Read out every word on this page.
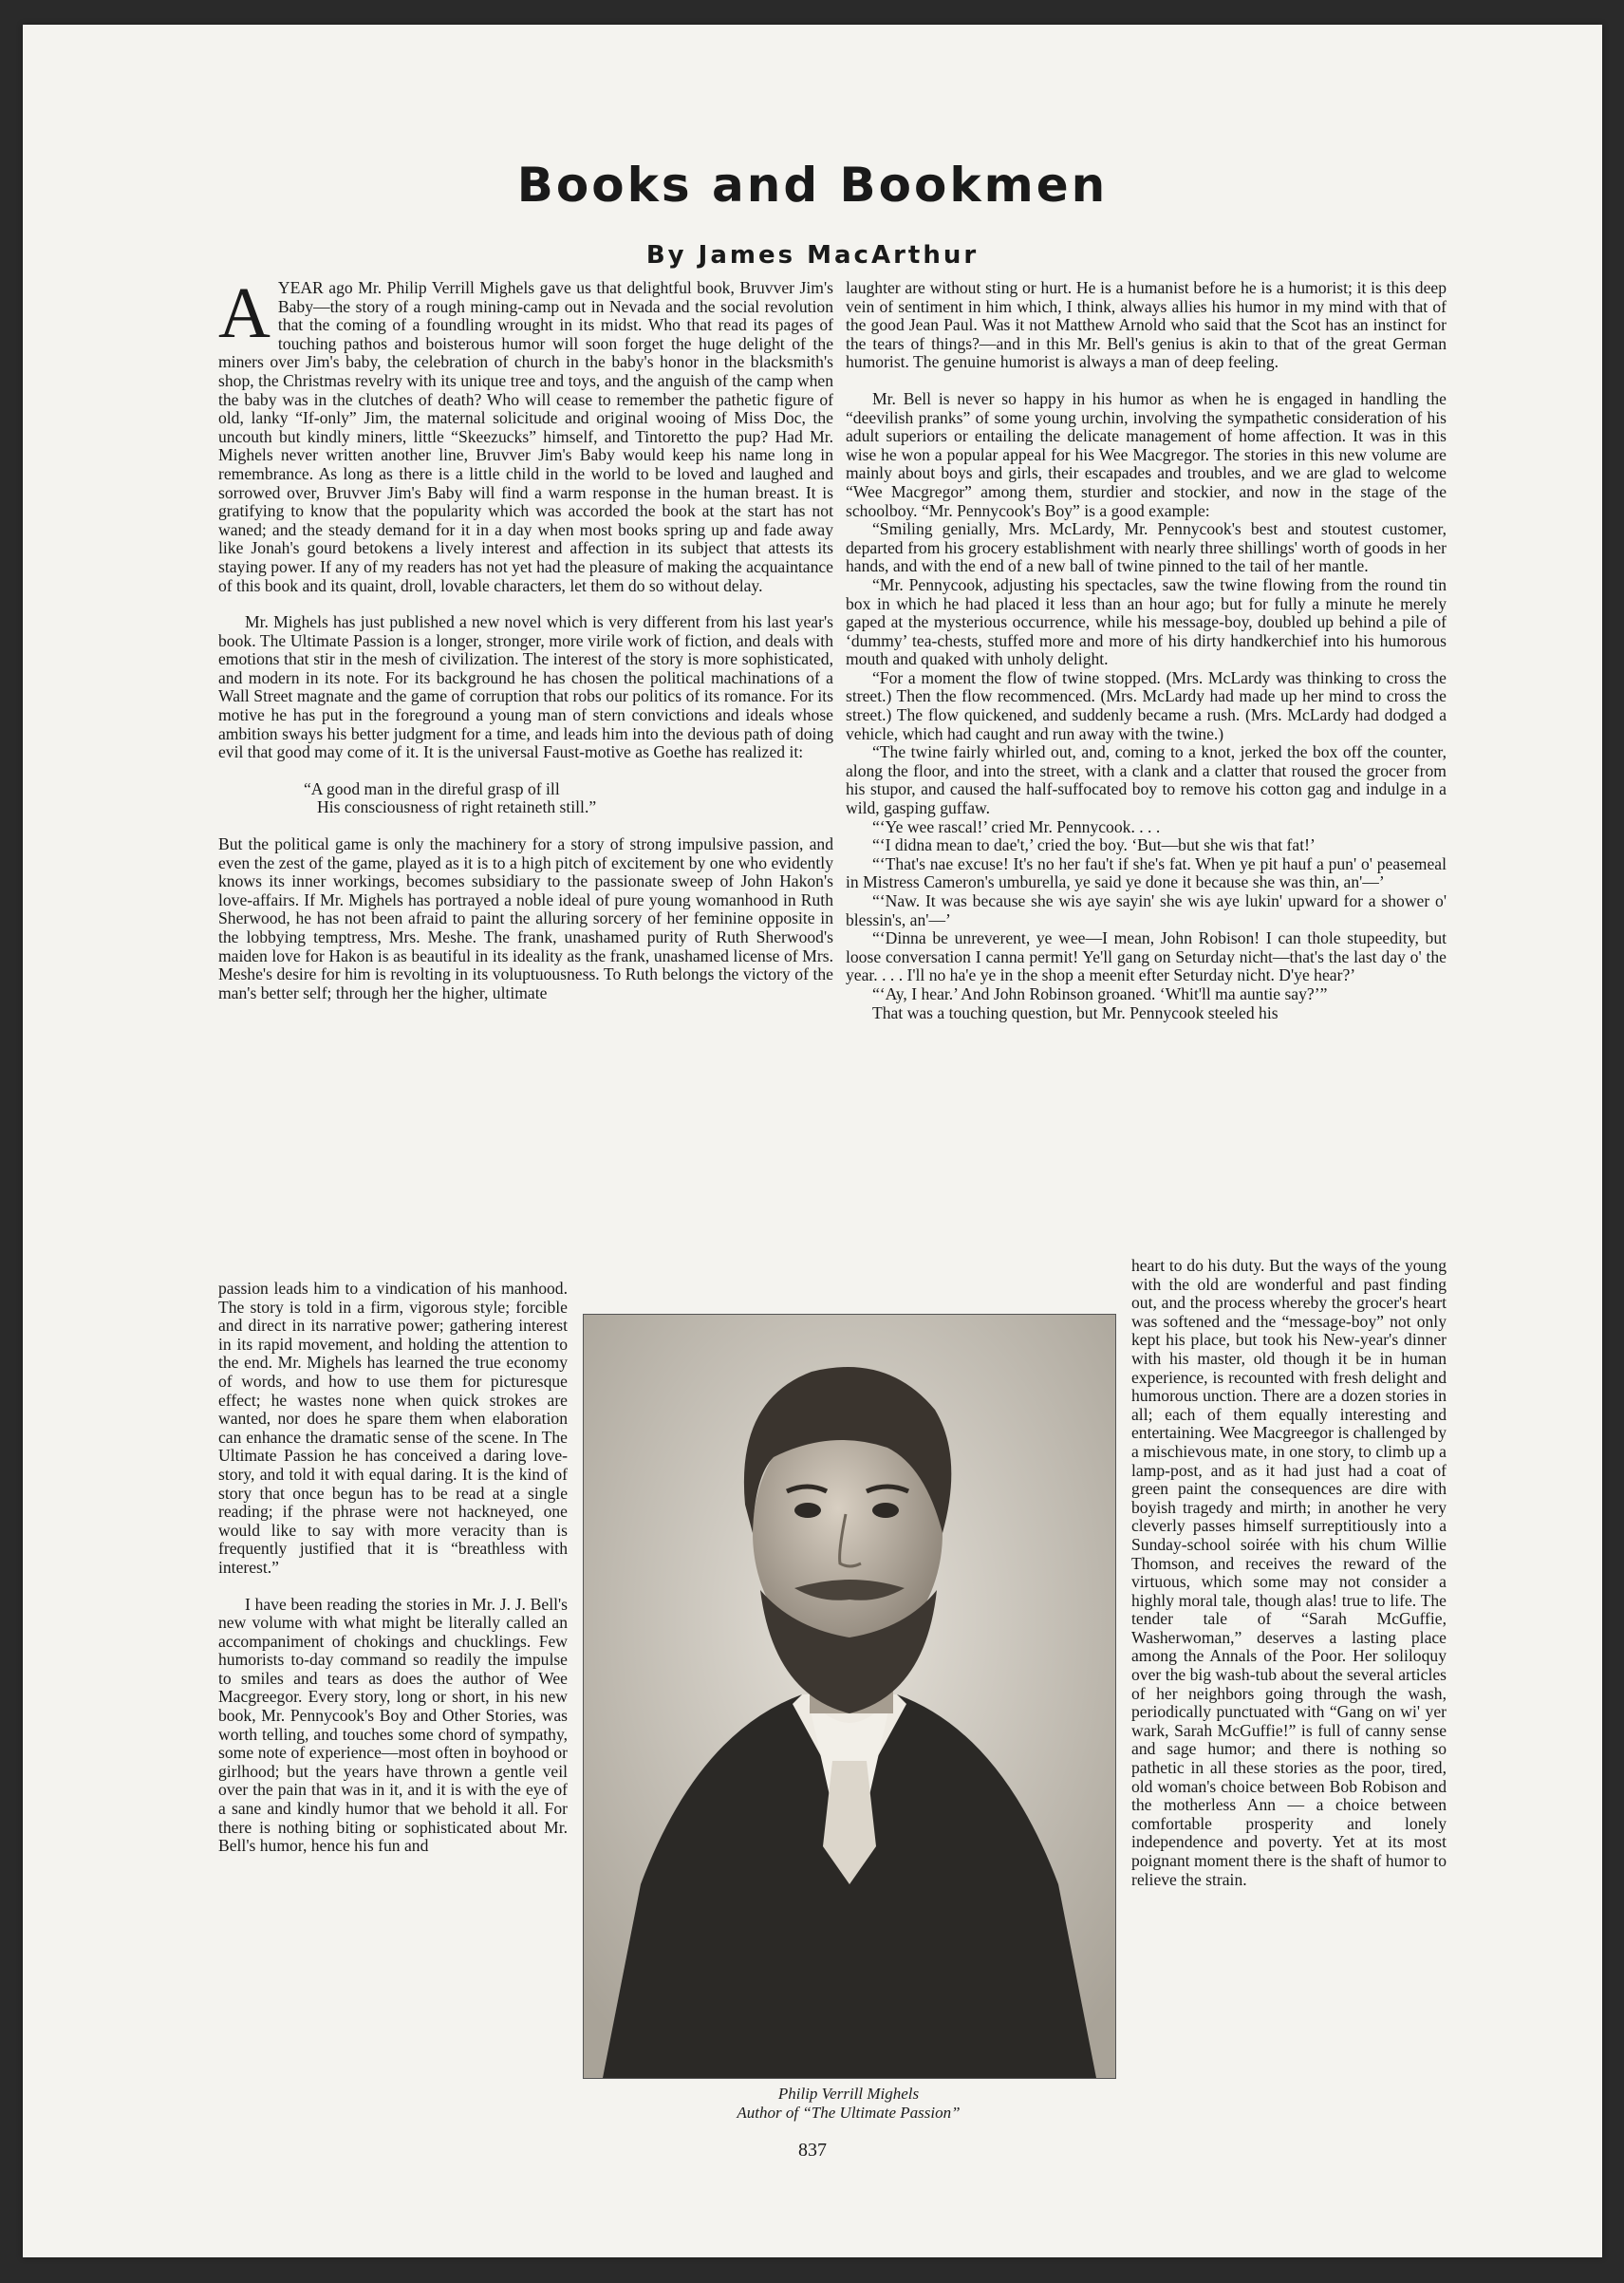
Books and Bookmen
By James MacArthur

AYEAR ago Mr. Philip Verrill Mighels gave us that delightful book, Bruvver Jim's Baby—the story of a rough mining-camp out in Nevada and the social revolution that the coming of a foundling wrought in its midst. Who that read its pages of touching pathos and boisterous humor will soon forget the huge delight of the miners over Jim's baby, the celebration of church in the baby's honor in the blacksmith's shop, the Christmas revelry with its unique tree and toys, and the anguish of the camp when the baby was in the clutches of death? Who will cease to remember the pathetic figure of old, lanky “If-only” Jim, the maternal solicitude and original wooing of Miss Doc, the uncouth but kindly miners, little “Skeezucks” himself, and Tintoretto the pup? Had Mr. Mighels never written another line, Bruvver Jim's Baby would keep his name long in remembrance. As long as there is a little child in the world to be loved and laughed and sorrowed over, Bruvver Jim's Baby will find a warm response in the human breast. It is gratifying to know that the popularity which was accorded the book at the start has not waned; and the steady demand for it in a day when most books spring up and fade away like Jonah's gourd betokens a lively interest and affection in its subject that attests its staying power. If any of my readers has not yet had the pleasure of making the acquaintance of this book and its quaint, droll, lovable characters, let them do so without delay.

Mr. Mighels has just published a new novel which is very different from his last year's book. The Ultimate Passion is a longer, stronger, more virile work of fiction, and deals with emotions that stir in the mesh of civilization. The interest of the story is more sophisticated, and modern in its note. For its background he has chosen the political machinations of a Wall Street magnate and the game of corruption that robs our politics of its romance. For its motive he has put in the foreground a young man of stern convictions and ideals whose ambition sways his better judgment for a time, and leads him into the devious path of doing evil that good may come of it. It is the universal Faust-motive as Goethe has realized it:

“A good man in the direful grasp of ill
His consciousness of right retaineth still.”

But the political game is only the machinery for a story of strong impulsive passion, and even the zest of the game, played as it is to a high pitch of excitement by one who evidently knows its inner workings, becomes subsidiary to the passionate sweep of John Hakon's love-affairs. If Mr. Mighels has portrayed a noble ideal of pure young womanhood in Ruth Sherwood, he has not been afraid to paint the alluring sorcery of her feminine opposite in the lobbying temptress, Mrs. Meshe. The frank, unashamed purity of Ruth Sherwood's maiden love for Hakon is as beautiful in its ideality as the frank, unashamed license of Mrs. Meshe's desire for him is revolting in its voluptuousness. To Ruth belongs the victory of the man's better self; through her the higher, ultimate

passion leads him to a vindication of his manhood. The story is told in a firm, vigorous style; forcible and direct in its narrative power; gathering interest in its rapid movement, and holding the attention to the end. Mr. Mighels has learned the true economy of words, and how to use them for picturesque effect; he wastes none when quick strokes are wanted, nor does he spare them when elaboration can enhance the dramatic sense of the scene. In The Ultimate Passion he has conceived a daring love-story, and told it with equal daring. It is the kind of story that once begun has to be read at a single reading; if the phrase were not hackneyed, one would like to say with more veracity than is frequently justified that it is “breathless with interest.”

I have been reading the stories in Mr. J. J. Bell's new volume with what might be literally called an accompaniment of chokings and chucklings. Few humorists to-day command so readily the impulse to smiles and tears as does the author of Wee Macgreegor. Every story, long or short, in his new book, Mr. Pennycook's Boy and Other Stories, was worth telling, and touches some chord of sympathy, some note of experience—most often in boyhood or girlhood; but the years have thrown a gentle veil over the pain that was in it, and it is with the eye of a sane and kindly humor that we behold it all. For there is nothing biting or sophisticated about Mr. Bell's humor, hence his fun and

laughter are without sting or hurt. He is a humanist before he is a humorist; it is this deep vein of sentiment in him which, I think, always allies his humor in my mind with that of the good Jean Paul. Was it not Matthew Arnold who said that the Scot has an instinct for the tears of things?—and in this Mr. Bell's genius is akin to that of the great German humorist. The genuine humorist is always a man of deep feeling.

Mr. Bell is never so happy in his humor as when he is engaged in handling the “deevilish pranks” of some young urchin, involving the sympathetic consideration of his adult superiors or entailing the delicate management of home affection. It was in this wise he won a popular appeal for his Wee Macgregor. The stories in this new volume are mainly about boys and girls, their escapades and troubles, and we are glad to welcome “Wee Macgregor” among them, sturdier and stockier, and now in the stage of the schoolboy. “Mr. Pennycook's Boy” is a good example:

“Smiling genially, Mrs. McLardy, Mr. Pennycook's best and stoutest customer, departed from his grocery establishment with nearly three shillings' worth of goods in her hands, and with the end of a new ball of twine pinned to the tail of her mantle.

“Mr. Pennycook, adjusting his spectacles, saw the twine flowing from the round tin box in which he had placed it less than an hour ago; but for fully a minute he merely gaped at the mysterious occurrence, while his message-boy, doubled up behind a pile of ‘dummy’ tea-chests, stuffed more and more of his dirty handkerchief into his humorous mouth and quaked with unholy delight.

“For a moment the flow of twine stopped. (Mrs. McLardy was thinking to cross the street.) Then the flow recommenced. (Mrs. McLardy had made up her mind to cross the street.) The flow quickened, and suddenly became a rush. (Mrs. McLardy had dodged a vehicle, which had caught and run away with the twine.)

“The twine fairly whirled out, and, coming to a knot, jerked the box off the counter, along the floor, and into the street, with a clank and a clatter that roused the grocer from his stupor, and caused the half-suffocated boy to remove his cotton gag and indulge in a wild, gasping guffaw.

“‘Ye wee rascal!’ cried Mr. Pennycook. . . .

“‘I didna mean to dae't,’ cried the boy. ‘But—but she wis that fat!’

“‘That's nae excuse! It's no her fau't if she's fat. When ye pit hauf a pun' o' peasemeal in Mistress Cameron's umburella, ye said ye done it because she was thin, an'—’

“‘Naw. It was because she wis aye sayin' she wis aye lukin' upward for a shower o' blessin's, an'—’

“‘Dinna be unreverent, ye wee—I mean, John Robison! I can thole stupeedity, but loose conversation I canna permit! Ye'll gang on Seturday nicht—that's the last day o' the year. . . . I'll no ha'e ye in the shop a meenit efter Seturday nicht. D'ye hear?’

“‘Ay, I hear.’ And John Robinson groaned. ‘Whit'll ma auntie say?’”

That was a touching question, but Mr. Pennycook steeled his

heart to do his duty. But the ways of the young with the old are wonderful and past finding out, and the process whereby the grocer's heart was softened and the “message-boy” not only kept his place, but took his New-year's dinner with his master, old though it be in human experience, is recounted with fresh delight and humorous unction. There are a dozen stories in all; each of them equally interesting and entertaining. Wee Macgreegor is challenged by a mischievous mate, in one story, to climb up a lamp-post, and as it had just had a coat of green paint the consequences are dire with boyish tragedy and mirth; in another he very cleverly passes himself surreptitiously into a Sunday-school soirée with his chum Willie Thomson, and receives the reward of the virtuous, which some may not consider a highly moral tale, though alas! true to life. The tender tale of “Sarah McGuffie, Washerwoman,” deserves a lasting place among the Annals of the Poor. Her soliloquy over the big wash-tub about the several articles of her neighbors going through the wash, periodically punctuated with “Gang on wi' yer wark, Sarah McGuffie!” is full of canny sense and sage humor; and there is nothing so pathetic in all these stories as the poor, tired, old woman's choice between Bob Robison and the motherless Ann — a choice between comfortable prosperity and lonely independence and poverty. Yet at its most poignant moment there is the shaft of humor to relieve the strain.

Philip Verrill Mighels
Author of “The Ultimate Passion”
837
